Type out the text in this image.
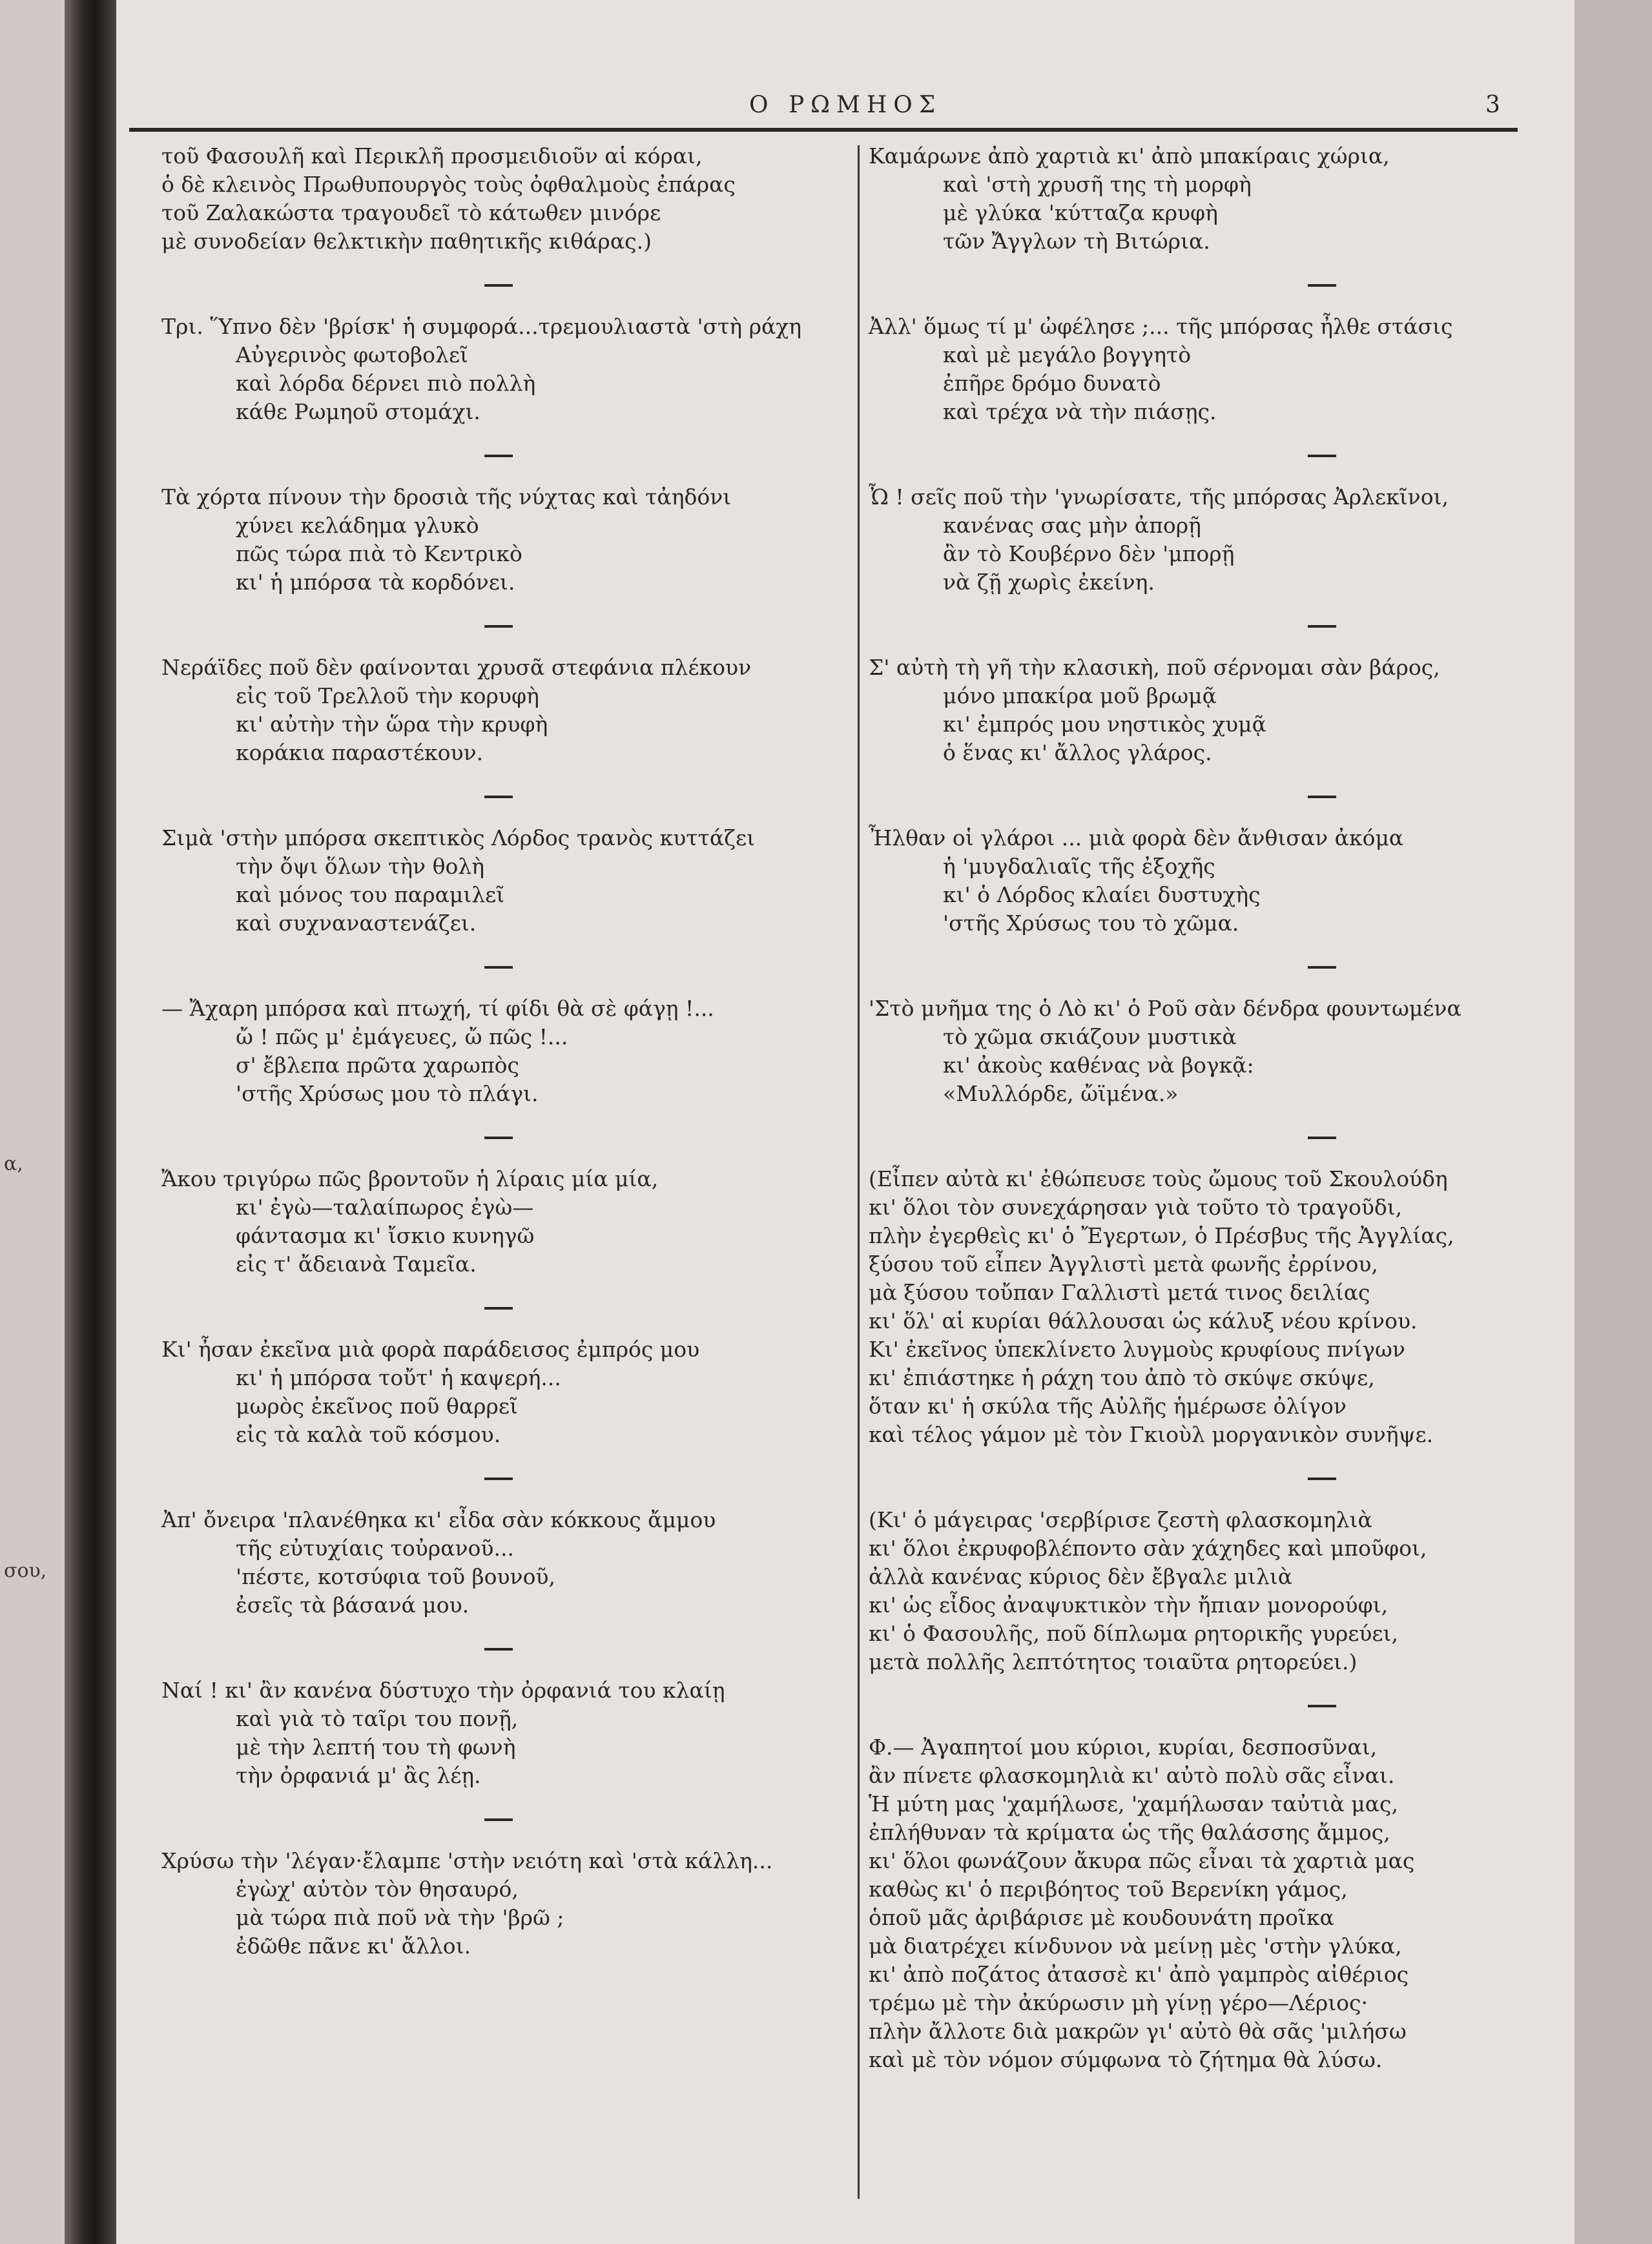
α,
σου,
Ο ΡΩΜΗΟΣ	3
τοῦ Φασουλῆ καὶ Περικλῆ προσμειδιοῦν αἱ κόραι,
ὁ δὲ κλεινὸς Πρωθυπουργὸς τοὺς ὀφθαλμοὺς ἐπάρας
τοῦ Ζαλακώστα τραγουδεῖ τὸ κάτωθεν μινόρε
μὲ συνοδείαν θελκτικὴν παθητικῆς κιθάρας.)
Τρι. Ὕπνο δὲν 'βρίσκ' ἡ συμφορά...τρεμουλιαστὰ 'στὴ ράχη
Αὐγερινὸς φωτοβολεῖ
καὶ λόρδα δέρνει πιὸ πολλὴ
κάθε Ρωμηοῦ στομάχι.
Τὰ χόρτα πίνουν τὴν δροσιὰ τῆς νύχτας καὶ τἀηδόνι
χύνει κελάδημα γλυκὸ
πῶς τώρα πιὰ τὸ Κεντρικὸ
κι' ἡ μπόρσα τὰ κορδόνει.
Νεράϊδες ποῦ δὲν φαίνονται χρυσᾶ στεφάνια πλέκουν
εἰς τοῦ Τρελλοῦ τὴν κορυφὴ
κι' αὐτὴν τὴν ὥρα τὴν κρυφὴ
κοράκια παραστέκουν.
Σιμὰ 'στὴν μπόρσα σκεπτικὸς Λόρδος τρανὸς κυττάζει
τὴν ὄψι ὅλων τὴν θολὴ
καὶ μόνος του παραμιλεῖ
καὶ συχναναστενάζει.
— Ἄχαρη μπόρσα καὶ πτωχή, τί φίδι θὰ σὲ φάγῃ !...
ὤ ! πῶς μ' ἐμάγευες, ὤ πῶς !...
σ' ἔβλεπα πρῶτα χαρωπὸς
'στῆς Χρύσως μου τὸ πλάγι.
Ἄκου τριγύρω πῶς βροντοῦν ἡ λίραις μία μία,
κι' ἐγὼ—ταλαίπωρος ἐγὼ—
φάντασμα κι' ἴσκιο κυνηγῶ
εἰς τ' ἄδειανὰ Ταμεῖα.
Κι' ἦσαν ἐκεῖνα μιὰ φορὰ παράδεισος ἐμπρός μου
κι' ἡ μπόρσα τοὔτ' ἡ καψερή...
μωρὸς ἐκεῖνος ποῦ θαρρεῖ
εἰς τὰ καλὰ τοῦ κόσμου.
Ἀπ' ὄνειρα 'πλανέθηκα κι' εἶδα σὰν κόκκους ἄμμου
τῆς εὐτυχίαις τοὐρανοῦ...
'πέστε, κοτσύφια τοῦ βουνοῦ,
ἐσεῖς τὰ βάσανά μου.
Ναί ! κι' ἂν κανένα δύστυχο τὴν ὀρφανιά του κλαίῃ
καὶ γιὰ τὸ ταῖρι του πονῇ,
μὲ τὴν λεπτή του τὴ φωνὴ
τὴν ὀρφανιά μ' ἂς λέῃ.
Χρύσω τὴν 'λέγαν·ἔλαμπε 'στὴν νειότη καὶ 'στὰ κάλλη...
ἐγὼχ' αὐτὸν τὸν θησαυρό,
μὰ τώρα πιὰ ποῦ νὰ τὴν 'βρῶ ;
ἐδῶθε πᾶνε κι' ἄλλοι.
Καμάρωνε ἀπὸ χαρτιὰ κι' ἀπὸ μπακίραις χώρια,
καὶ 'στὴ χρυσῆ της τὴ μορφὴ
μὲ γλύκα 'κύτταζα κρυφὴ
τῶν Ἄγγλων τὴ Βιτώρια.
Ἀλλ' ὅμως τί μ' ὠφέλησε ;... τῆς μπόρσας ἦλθε στάσις
καὶ μὲ μεγάλο βογγητὸ
ἐπῆρε δρόμο δυνατὸ
καὶ τρέχα νὰ τὴν πιάσῃς.
Ὦ ! σεῖς ποῦ τὴν 'γνωρίσατε, τῆς μπόρσας Ἀρλεκῖνοι,
κανένας σας μὴν ἀπορῇ
ἂν τὸ Κουβέρνο δὲν 'μπορῇ
νὰ ζῇ χωρὶς ἐκείνη.
Σ' αὐτὴ τὴ γῆ τὴν κλασικὴ, ποῦ σέρνομαι σὰν βάρος,
μόνο μπακίρα μοῦ βρωμᾷ
κι' ἐμπρός μου νηστικὸς χυμᾷ
ὁ ἕνας κι' ἄλλος γλάρος.
Ἦλθαν οἱ γλάροι ... μιὰ φορὰ δὲν ἄνθισαν ἀκόμα
ἡ 'μυγδαλιαῖς τῆς ἐξοχῆς
κι' ὁ Λόρδος κλαίει δυστυχὴς
'στῆς Χρύσως του τὸ χῶμα.
'Στὸ μνῆμα της ὁ Λὸ κι' ὁ Ροῦ σὰν δένδρα φουντωμένα
τὸ χῶμα σκιάζουν μυστικὰ
κι' ἀκοὺς καθένας νὰ βογκᾷ:
«Μυλλόρδε, ὤϊμένα.»
(Εἶπεν αὐτὰ κι' ἐθώπευσε τοὺς ὤμους τοῦ Σκουλούδη
κι' ὅλοι τὸν συνεχάρησαν γιὰ τοῦτο τὸ τραγοῦδι,
πλὴν ἐγερθεὶς κι' ὁ Ἔγερτων, ὁ Πρέσβυς τῆς Ἀγγλίας,
ξύσου τοῦ εἶπεν Ἀγγλιστὶ μετὰ φωνῆς ἐρρίνου,
μὰ ξύσου τοὔπαν Γαλλιστὶ μετά τινος δειλίας
κι' ὅλ' αἱ κυρίαι θάλλουσαι ὡς κάλυξ νέου κρίνου.
Κι' ἐκεῖνος ὑπεκλίνετο λυγμοὺς κρυφίους πνίγων
κι' ἐπιάστηκε ἡ ράχη του ἀπὸ τὸ σκύψε σκύψε,
ὅταν κι' ἡ σκύλα τῆς Αὐλῆς ἡμέρωσε ὀλίγον
καὶ τέλος γάμον μὲ τὸν Γκιοὺλ μοργανικὸν συνῆψε.
(Κι' ὁ μάγειρας 'σερβίρισε ζεστὴ φλασκομηλιὰ
κι' ὅλοι ἐκρυφοβλέποντο σὰν χάχηδες καὶ μποῦφοι,
ἀλλὰ κανένας κύριος δὲν ἔβγαλε μιλιὰ
κι' ὡς εἶδος ἀναψυκτικὸν τὴν ἤπιαν μονορούφι,
κι' ὁ Φασουλῆς, ποῦ δίπλωμα ρητορικῆς γυρεύει,
μετὰ πολλῆς λεπτότητος τοιαῦτα ρητορεύει.)
Φ.— Ἀγαπητοί μου κύριοι, κυρίαι, δεσποσῦναι,
ἂν πίνετε φλασκομηλιὰ κι' αὐτὸ πολὺ σᾶς εἶναι.
Ἡ μύτη μας 'χαμήλωσε, 'χαμήλωσαν ταὐτιὰ μας,
ἐπλήθυναν τὰ κρίματα ὡς τῆς θαλάσσης ἄμμος,
κι' ὅλοι φωνάζουν ἄκυρα πῶς εἶναι τὰ χαρτιὰ μας
καθὼς κι' ὁ περιβόητος τοῦ Βερενίκη γάμος,
ὁποῦ μᾶς ἀριβάρισε μὲ κουδουνάτη προῖκα
μὰ διατρέχει κίνδυνον νὰ μείνῃ μὲς 'στὴν γλύκα,
κι' ἀπὸ ποζάτος ἀτασσὲ κι' ἀπὸ γαμπρὸς αἰθέριος
τρέμω μὲ τὴν ἀκύρωσιν μὴ γίνῃ γέρο—Λέριος·
πλὴν ἄλλοτε διὰ μακρῶν γι' αὐτὸ θὰ σᾶς 'μιλήσω
καὶ μὲ τὸν νόμον σύμφωνα τὸ ζήτημα θὰ λύσω.
